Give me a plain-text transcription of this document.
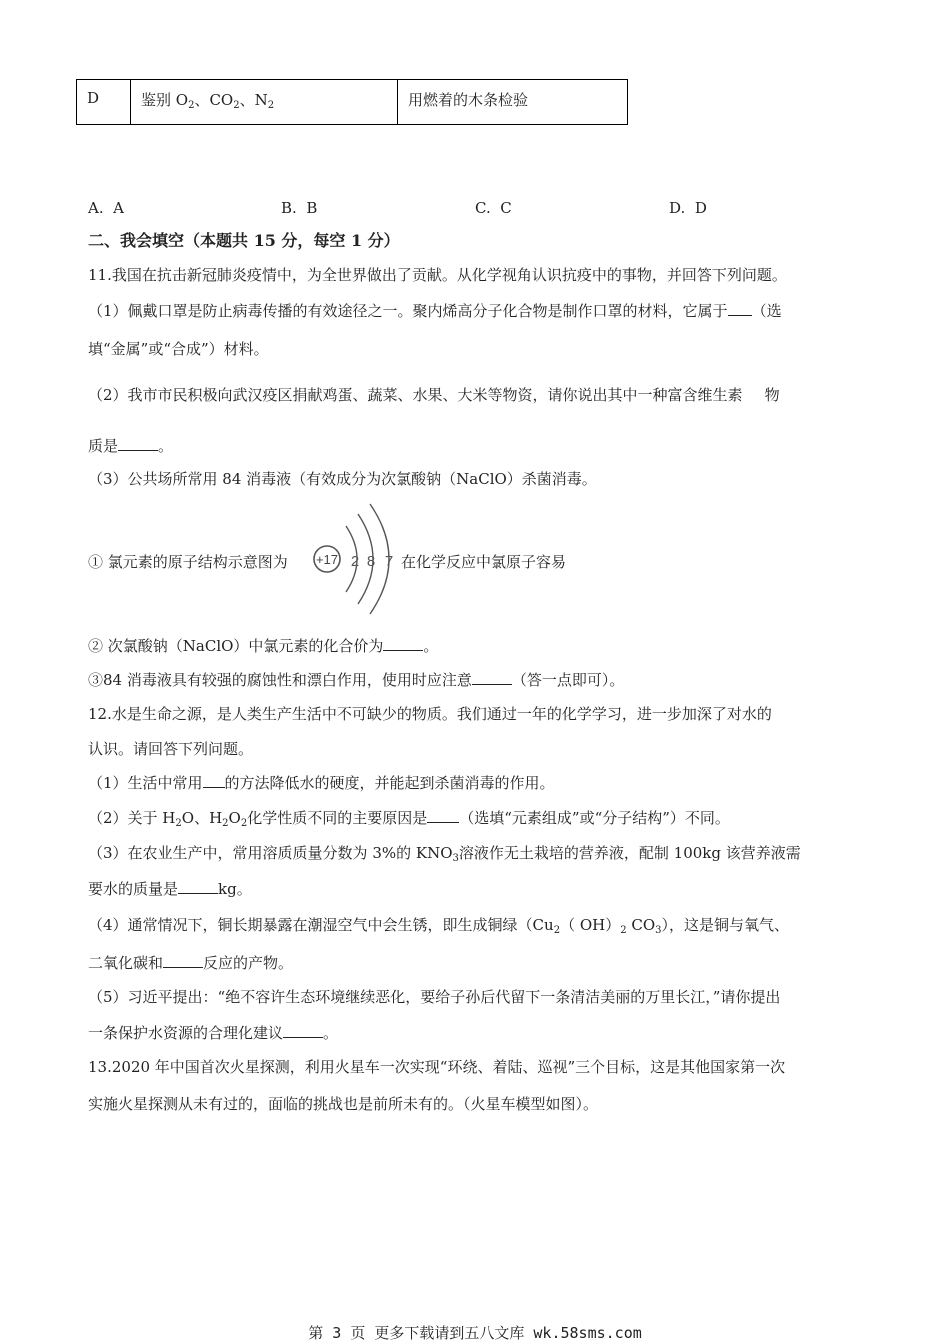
D	鉴别 $O_2$、$CO_2$、$N_2$	用燃着的木条检验
A. A	B. B	C. C	D. D
二、我会填空（本题共 15 分，每空 1 分）
11.我国在抗击新冠肺炎疫情中，为全世界做出了贡献。从化学视角认识抗疫中的事物，并回答下列问题。
（1）佩戴口罩是防止病毒传播的有效途径之一。聚内烯高分子化合物是制作口罩的材料，它属于 （选
填“金属”或“合成”）材料。
（2）我市市民积极向武汉疫区捐献鸡蛋、蔬菜、水果、大米等物资，请你说出其中一种富含维生素 物
质是	。
（3）公共场所常用 84 消毒液（有效成分为次氯酸钠（NaClO）杀菌消毒。
① 氯元素的原子结构示意图为 +17 2 8 7 在化学反应中氯原子容易
② 次氯酸钠（NaClO）中氯元素的化合价为	。
③84 消毒液具有较强的腐蚀性和漂白作用，使用时应注意	（答一点即可）。
12.水是生命之源，是人类生产生活中不可缺少的物质。我们通过一年的化学学习，进一步加深了对水的
认识。请回答下列问题。
（1）生活中常用 的方法降低水的硬度，并能起到杀菌消毒的作用。
（2）关于 $H_2O$、$H_2O_2$化学性质不同的主要原因是 （选填“元素组成”或“分子结构”）不同。
（3）在农业生产中，常用溶质质量分数为 3%的 $KNO_3$溶液作无土栽培的营养液，配制 100kg 该营养液需
要水的质量是	kg。
（4）通常情况下，铜长期暴露在潮湿空气中会生锈，即生成铜绿（$Cu_2$（ $OH)_2$ $CO_3$），这是铜与氧气、
二氧化碳和	反应的产物。
（5）习近平提出：“绝不容许生态环境继续恶化，要给子孙后代留下一条清洁美丽的万里长江，”请你提出
一条保护水资源的合理化建议	。
13.2020 年中国首次火星探测，利用火星车一次实现“环绕、着陆、巡视”三个目标，这是其他国家第一次
实施火星探测从未有过的，面临的挑战也是前所未有的。（火星车模型如图）。
第 3 页 更多下载请到五八文库 wk.58sms.com
